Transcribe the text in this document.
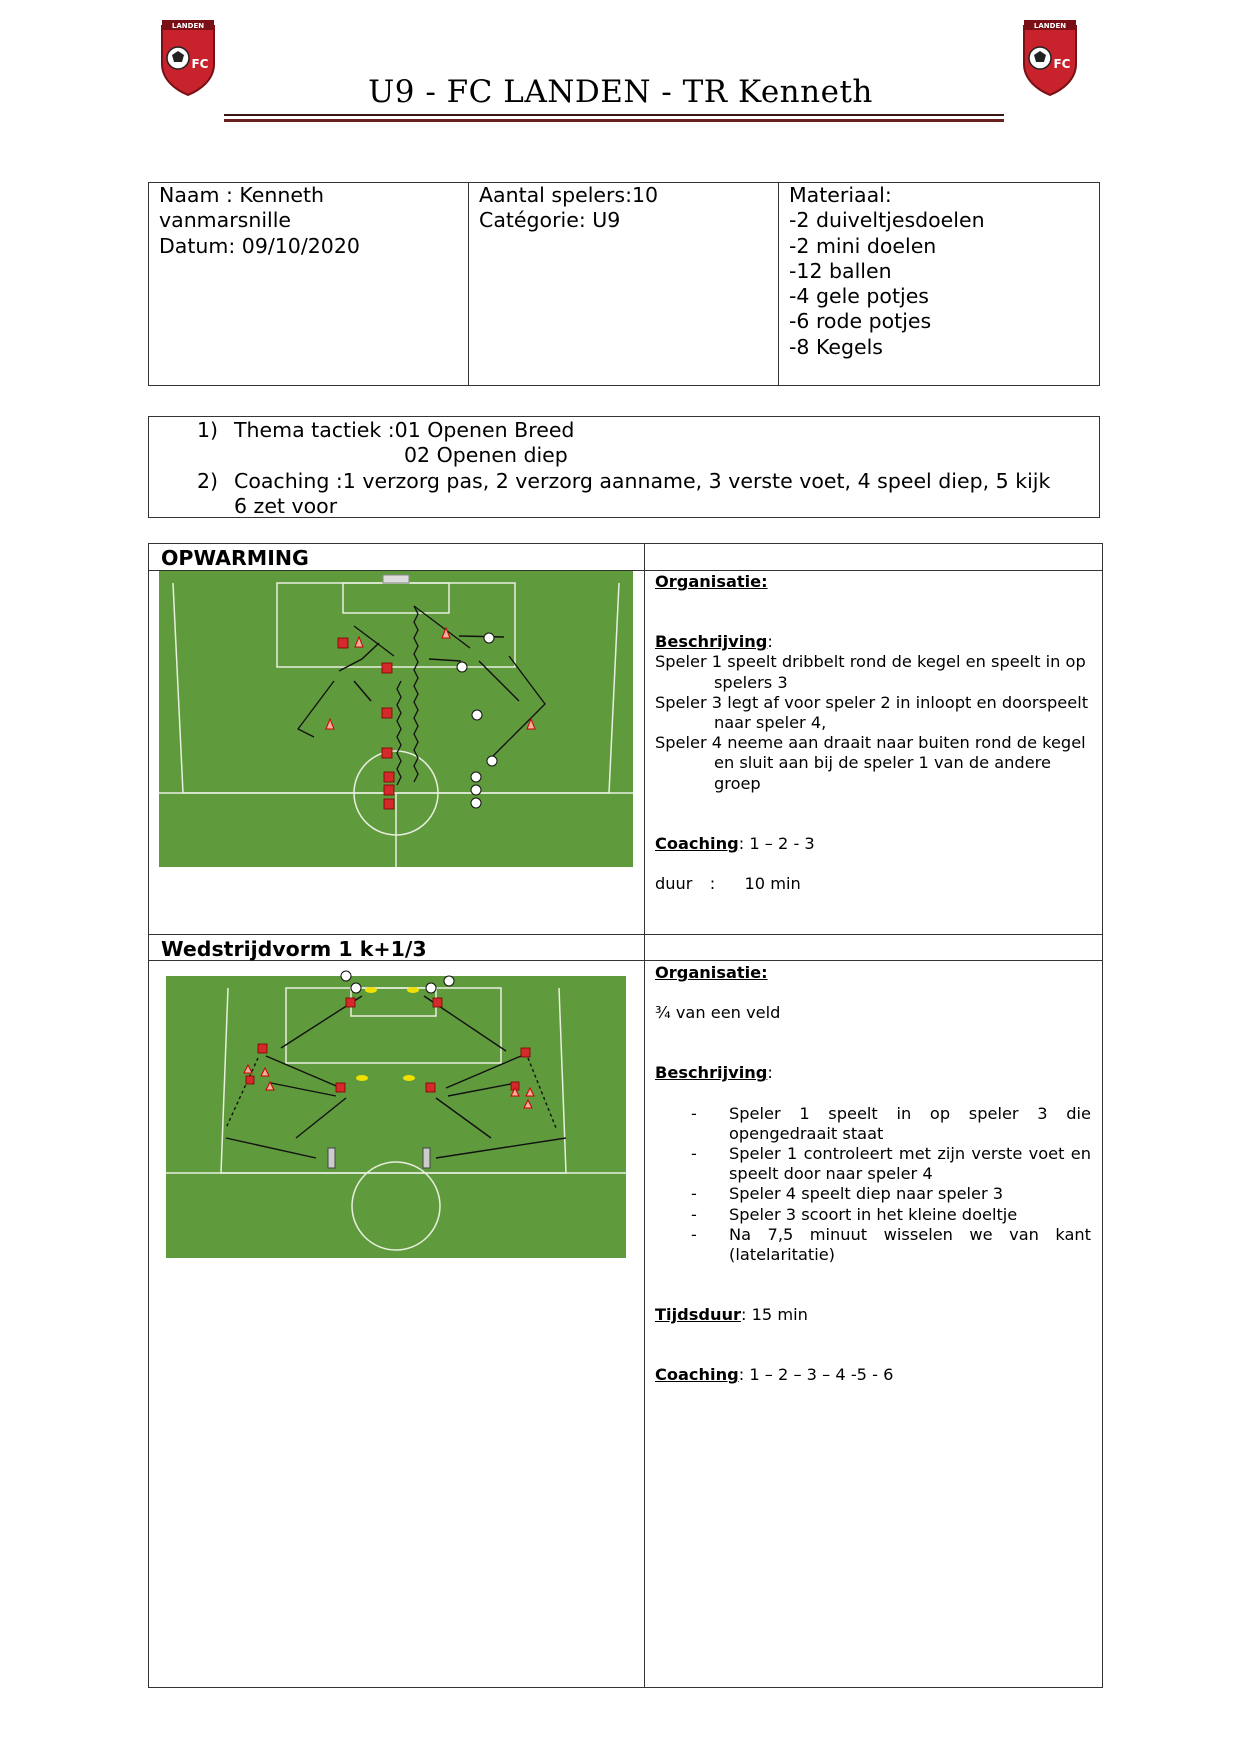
LANDEN
FC
LANDEN
FC
U9 - FC LANDEN - TR Kenneth
Naam : Kenneth
vanmarsnille
Datum: 09/10/2020
Aantal spelers:10
Catégorie: U9
Materiaal:
-2 duiveltjesdoelen
-2 mini doelen
-12 ballen
-4 gele potjes
-6 rode potjes
-8 Kegels
1) Thema tactiek :01 Openen Breed
02 Openen diep
2) Coaching :1 verzorg pas, 2 verzorg aanname, 3 verste voet, 4 speel diep, 5 kijk
6 zet voor
OPWARMING

Organisatie:

Beschrijving:

Speler 1 speelt dribbelt rond de kegel en speelt in op spelers 3

Speler 3 legt af voor speler 2 in inloopt en doorspeelt naar speler 4,

Speler 4 neeme aan draait naar buiten rond de kegel en sluit aan bij de speler 1 van de andere groep

Coaching: 1 – 2 - 3

duur : 10 min

Wedstrijdvorm 1 k+1/3

Organisatie:

¾ van een veld

Beschrijving:

- Speler 1 speelt in op speler 3 die opengedraait staat
- Speler 1 controleert met zijn verste voet en speelt door naar speler 4
- Speler 4 speelt diep naar speler 3
- Speler 3 scoort in het kleine doeltje
- Na 7,5 minuut wisselen we van kant (latelaritatie)

Tijdsduur: 15 min

Coaching: 1 – 2 – 3 – 4 -5 - 6
